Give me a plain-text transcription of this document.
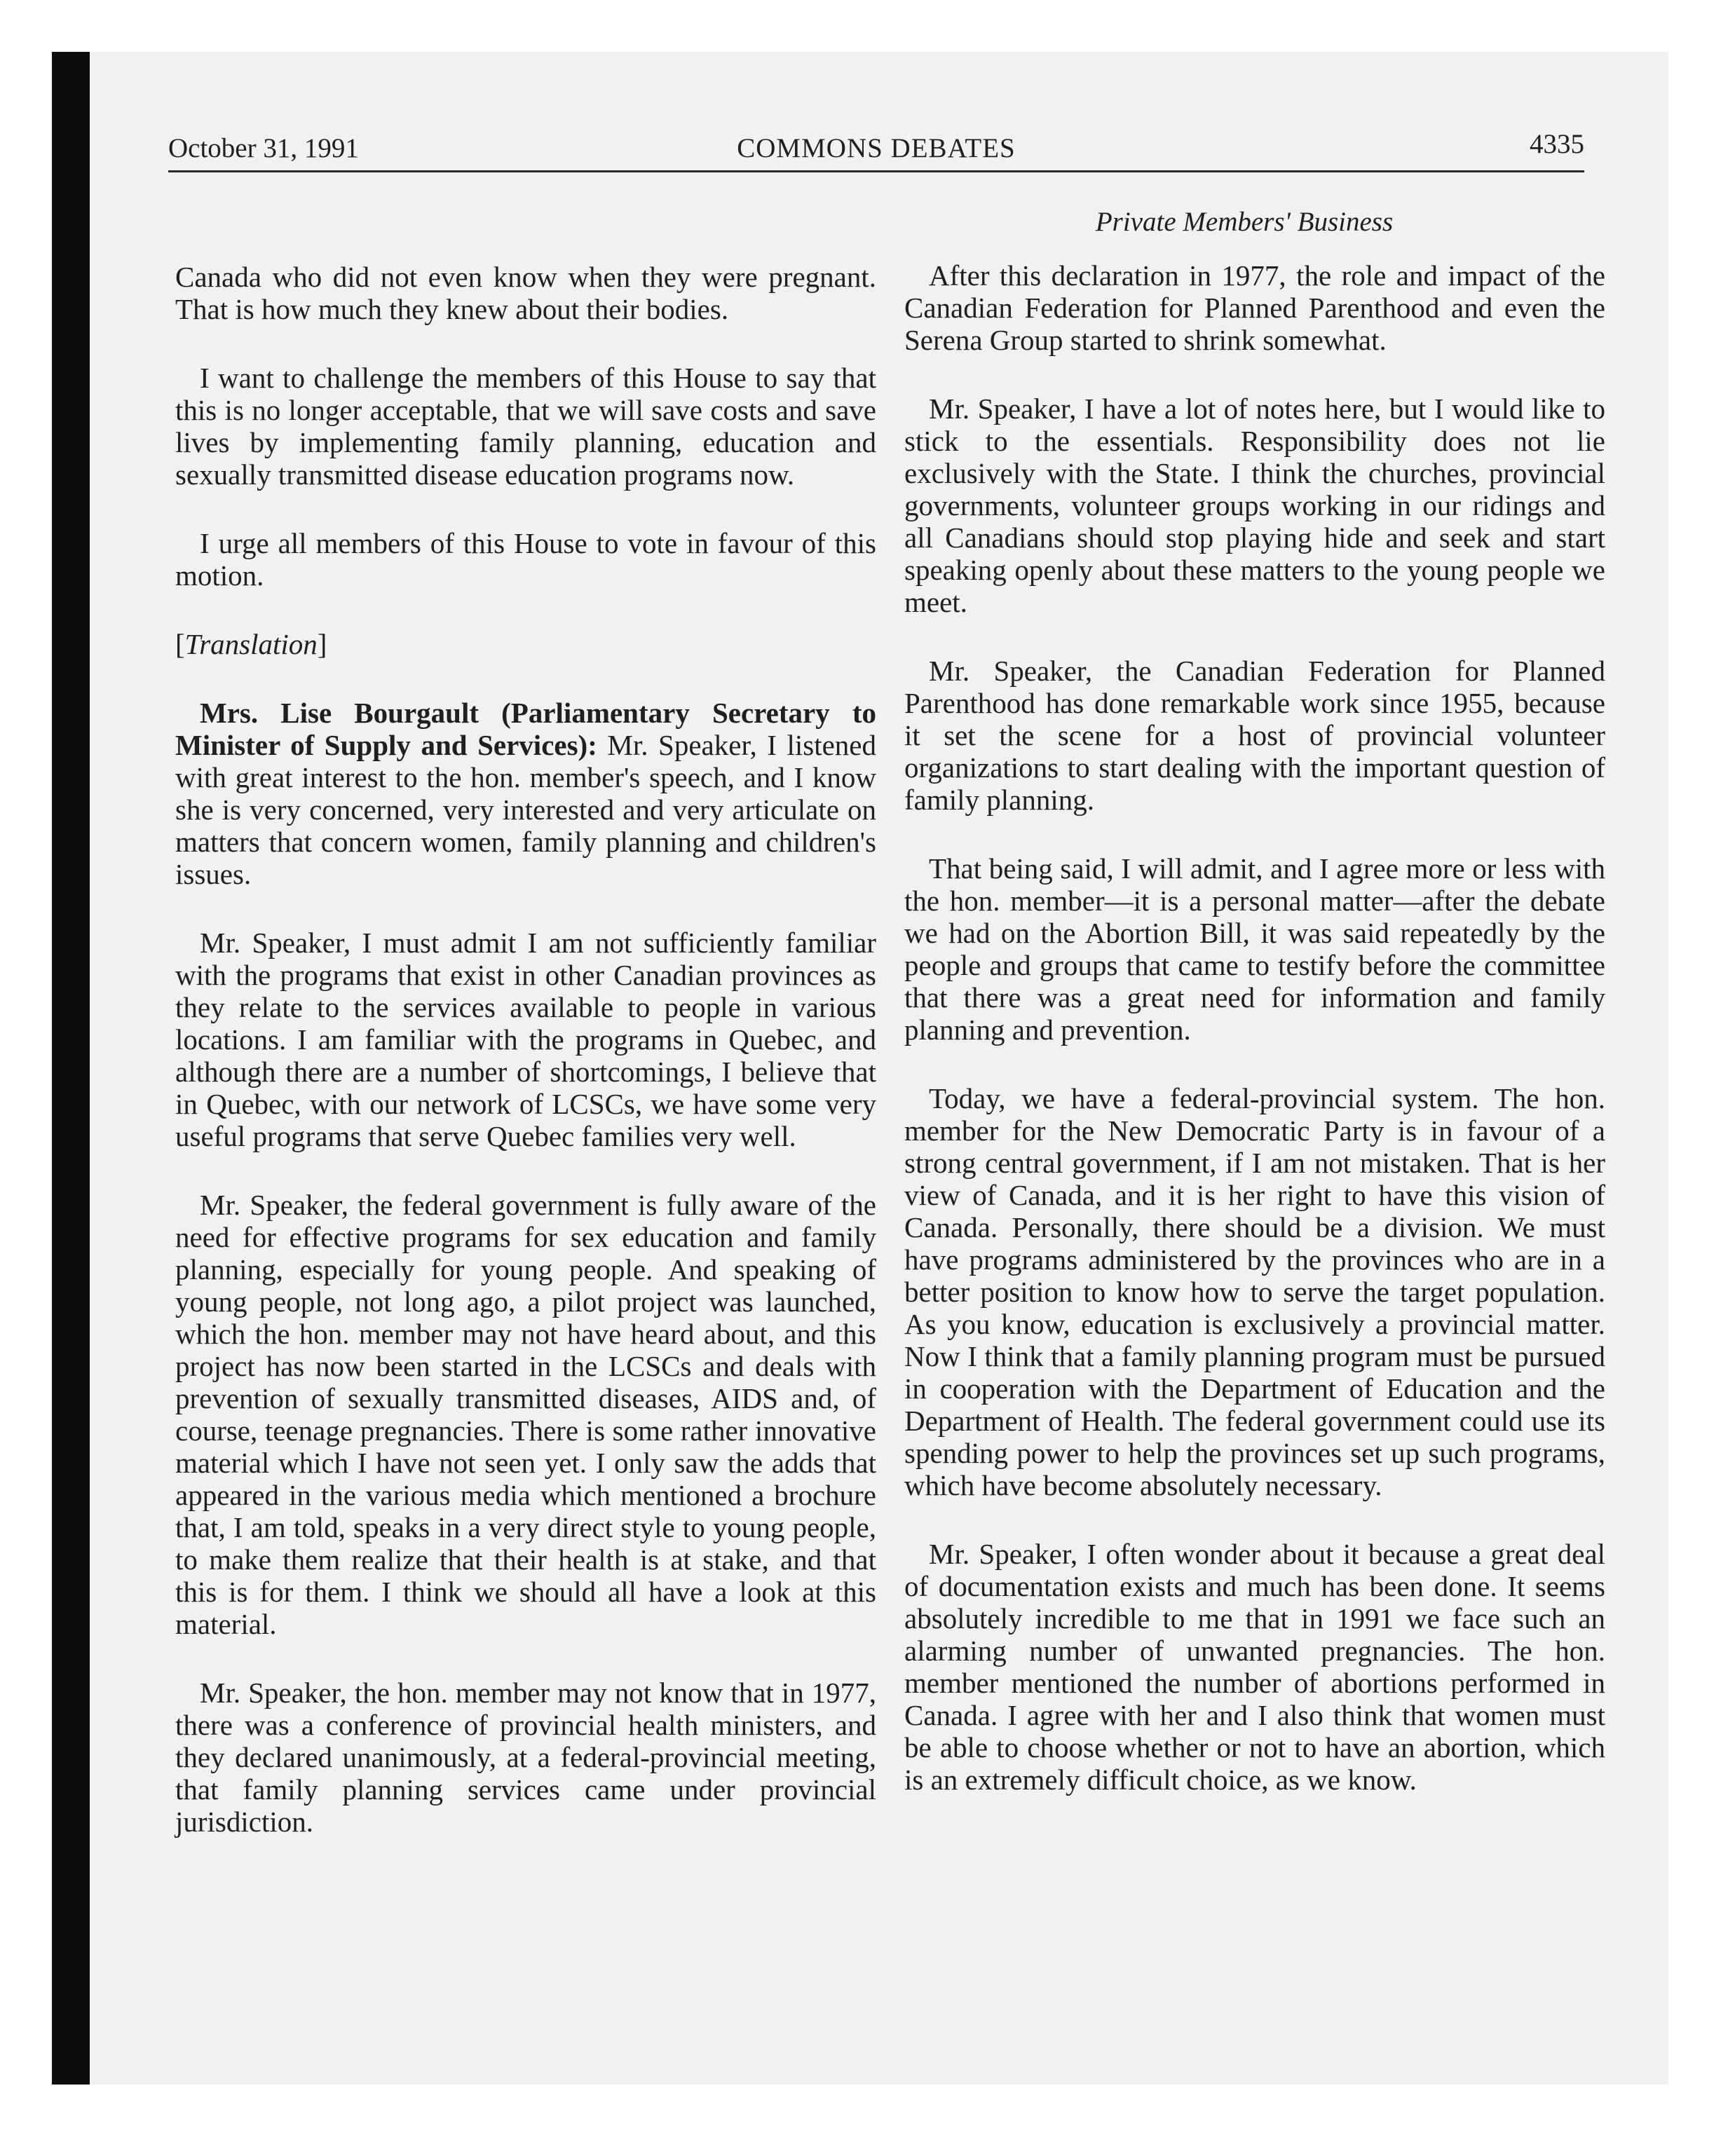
October 31, 1991	COMMONS DEBATES	4335
Private Members' Business

Canada who did not even know when they were pregnant. That is how much they knew about their bodies.

I want to challenge the members of this House to say that this is no longer acceptable, that we will save costs and save lives by implementing family planning, education and sexually transmitted disease education programs now.

I urge all members of this House to vote in favour of this motion.

[Translation]

Mrs. Lise Bourgault (Parliamentary Secretary to Minister of Supply and Services): Mr. Speaker, I listened with great interest to the hon. member's speech, and I know she is very concerned, very interested and very articulate on matters that concern women, family planning and children's issues.

Mr. Speaker, I must admit I am not sufficiently familiar with the programs that exist in other Canadian provinces as they relate to the services available to people in various locations. I am familiar with the programs in Quebec, and although there are a number of shortcomings, I believe that in Quebec, with our network of LCSCs, we have some very useful programs that serve Quebec families very well.

Mr. Speaker, the federal government is fully aware of the need for effective programs for sex education and family planning, especially for young people. And speaking of young people, not long ago, a pilot project was launched, which the hon. member may not have heard about, and this project has now been started in the LCSCs and deals with prevention of sexually transmitted diseases, AIDS and, of course, teenage pregnancies. There is some rather innovative material which I have not seen yet. I only saw the adds that appeared in the various media which mentioned a brochure that, I am told, speaks in a very direct style to young people, to make them realize that their health is at stake, and that this is for them. I think we should all have a look at this material.

Mr. Speaker, the hon. member may not know that in 1977, there was a conference of provincial health ministers, and they declared unanimously, at a federal-provincial meeting, that family planning services came under provincial jurisdiction.

After this declaration in 1977, the role and impact of the Canadian Federation for Planned Parenthood and even the Serena Group started to shrink somewhat.

Mr. Speaker, I have a lot of notes here, but I would like to stick to the essentials. Responsibility does not lie exclusively with the State. I think the churches, provincial governments, volunteer groups working in our ridings and all Canadians should stop playing hide and seek and start speaking openly about these matters to the young people we meet.

Mr. Speaker, the Canadian Federation for Planned Parenthood has done remarkable work since 1955, because it set the scene for a host of provincial volunteer organizations to start dealing with the important question of family planning.

That being said, I will admit, and I agree more or less with the hon. member—it is a personal matter—after the debate we had on the Abortion Bill, it was said repeatedly by the people and groups that came to testify before the committee that there was a great need for information and family planning and prevention.

Today, we have a federal-provincial system. The hon. member for the New Democratic Party is in favour of a strong central government, if I am not mistaken. That is her view of Canada, and it is her right to have this vision of Canada. Personally, there should be a division. We must have programs administered by the provinces who are in a better position to know how to serve the target population. As you know, education is exclusively a provincial matter. Now I think that a family planning program must be pursued in cooperation with the Department of Education and the Department of Health. The federal government could use its spending power to help the provinces set up such programs, which have become absolutely necessary.

Mr. Speaker, I often wonder about it because a great deal of documentation exists and much has been done. It seems absolutely incredible to me that in 1991 we face such an alarming number of unwanted pregnancies. The hon. member mentioned the number of abortions performed in Canada. I agree with her and I also think that women must be able to choose whether or not to have an abortion, which is an extremely difficult choice, as we know.
